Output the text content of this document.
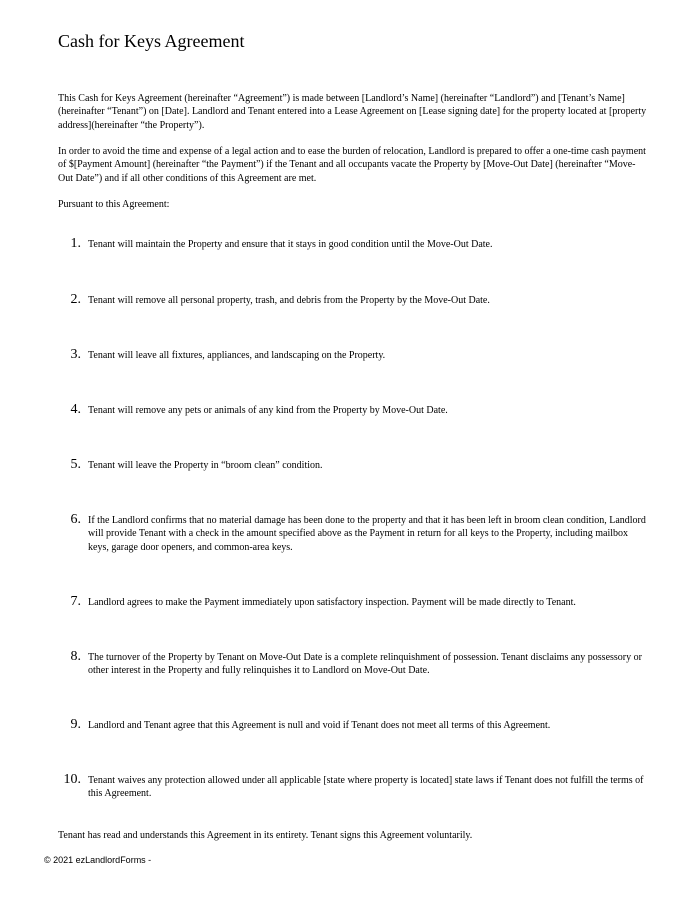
Cash for Keys Agreement
This Cash for Keys Agreement (hereinafter “Agreement”) is made between [Landlord’s Name] (hereinafter “Landlord”) and [Tenant’s Name](hereinafter “Tenant”) on [Date]. Landlord and Tenant entered into a Lease Agreement on [Lease signing date] for the property located at [property address](hereinafter “the Property”).
In order to avoid the time and expense of a legal action and to ease the burden of relocation, Landlord is prepared to offer a one-time cash payment of $[Payment Amount] (hereinafter “the Payment”) if the Tenant and all occupants vacate the Property by [Move-Out Date] (hereinafter “Move-Out Date”) and if all other conditions of this Agreement are met.
Pursuant to this Agreement:
1. Tenant will maintain the Property and ensure that it stays in good condition until the Move-Out Date.
2. Tenant will remove all personal property, trash, and debris from the Property by the Move-Out Date.
3. Tenant will leave all fixtures, appliances, and landscaping on the Property.
4. Tenant will remove any pets or animals of any kind from the Property by Move-Out Date.
5. Tenant will leave the Property in “broom clean” condition.
6. If the Landlord confirms that no material damage has been done to the property and that it has been left in broom clean condition, Landlord will provide Tenant with a check in the amount specified above as the Payment in return for all keys to the Property, including mailbox keys, garage door openers, and common-area keys.
7. Landlord agrees to make the Payment immediately upon satisfactory inspection. Payment will be made directly to Tenant.
8. The turnover of the Property by Tenant on Move-Out Date is a complete relinquishment of possession. Tenant disclaims any possessory or other interest in the Property and fully relinquishes it to Landlord on Move-Out Date.
9. Landlord and Tenant agree that this Agreement is null and void if Tenant does not meet all terms of this Agreement.
10. Tenant waives any protection allowed under all applicable [state where property is located] state laws if Tenant does not fulfill the terms of this Agreement.
Tenant has read and understands this Agreement in its entirety. Tenant signs this Agreement voluntarily.
© 2021 ezLandlordForms -
